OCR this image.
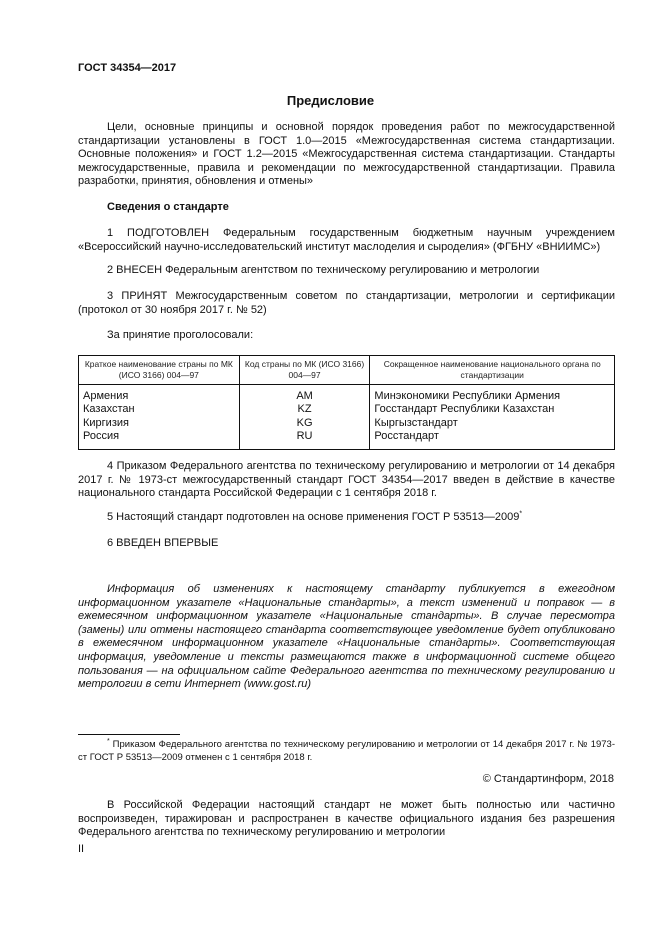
ГОСТ 34354—2017
Предисловие

Цели, основные принципы и основной порядок проведения работ по межгосударственной стандартизации установлены в ГОСТ 1.0—2015 «Межгосударственная система стандартизации. Основные положения» и ГОСТ 1.2—2015 «Межгосударственная система стандартизации. Стандарты межгосударственные, правила и рекомендации по межгосударственной стандартизации. Правила разработки, принятия, обновления и отмены»

Сведения о стандарте

1 ПОДГОТОВЛЕН Федеральным государственным бюджетным научным учреждением «Всероссийский научно-исследовательский институт маслоделия и сыроделия» (ФГБНУ «ВНИИМС»)

2 ВНЕСЕН Федеральным агентством по техническому регулированию и метрологии

3 ПРИНЯТ Межгосударственным советом по стандартизации, метрологии и сертификации (протокол от 30 ноября 2017 г. № 52)

За принятие проголосовали:

Краткое наименование страны по МК (ИСО 3166) 004—97	Код страны по МК (ИСО 3166) 004—97	Сокращенное наименование национального органа по стандартизации
Армения	AM	Минэкономики Республики Армения
Казахстан	KZ	Госстандарт Республики Казахстан
Киргизия	KG	Кыргызстандарт
Россия	RU	Росстандарт

4 Приказом Федерального агентства по техническому регулированию и метрологии от 14 декабря 2017 г. № 1973-ст межгосударственный стандарт ГОСТ 34354—2017 введен в действие в качестве национального стандарта Российской Федерации с 1 сентября 2018 г.

5 Настоящий стандарт подготовлен на основе применения ГОСТ Р 53513—2009*

6 ВВЕДЕН ВПЕРВЫЕ

Информация об изменениях к настоящему стандарту публикуется в ежегодном информационном указателе «Национальные стандарты», а текст изменений и поправок — в ежемесячном информационном указателе «Национальные стандарты». В случае пересмотра (замены) или отмены настоящего стандарта соответствующее уведомление будет опубликовано в ежемесячном информационном указателе «Национальные стандарты». Соответствующая информация, уведомление и тексты размещаются также в информационной системе общего пользования — на официальном сайте Федерального агентства по техническому регулированию и метрологии в сети Интернет (www.gost.ru)

* Приказом Федерального агентства по техническому регулированию и метрологии от 14 декабря 2017 г. № 1973-ст ГОСТ Р 53513—2009 отменен с 1 сентября 2018 г.

© Стандартинформ, 2018

В Российской Федерации настоящий стандарт не может быть полностью или частично воспроизведен, тиражирован и распространен в качестве официального издания без разрешения Федерального агентства по техническому регулированию и метрологии

II
